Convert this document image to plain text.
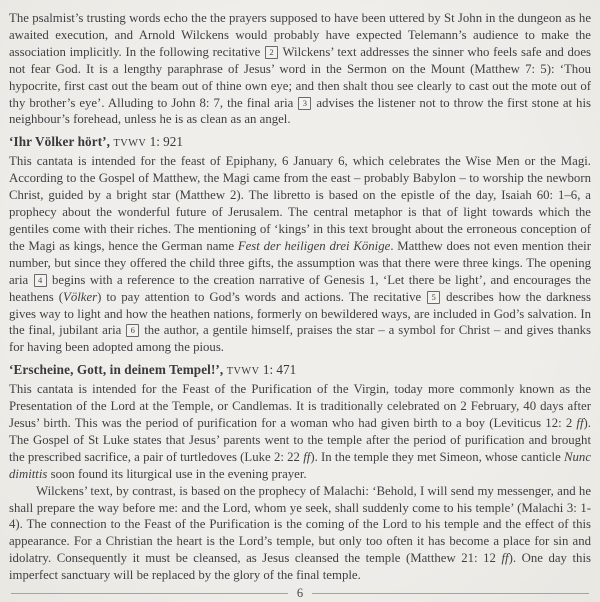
The psalmist’s trusting words echo the the prayers supposed to have been uttered by St John in the dungeon as he awaited execution, and Arnold Wilckens would probably have expected Telemann’s audience to make the association implicitly. In the following recitative 2 Wilckens’ text addresses the sinner who feels safe and does not fear God. It is a lengthy paraphrase of Jesus’ word in the Sermon on the Mount (Matthew 7: 5): ‘Thou hypocrite, first cast out the beam out of thine own eye; and then shalt thou see clearly to cast out the mote out of thy brother’s eye’. Alluding to John 8: 7, the final aria 3 advises the listener not to throw the first stone at his neighbour’s forehead, unless he is as clean as an angel.

‘Ihr Völker hört’, TVWV 1: 921

This cantata is intended for the feast of Epiphany, 6 January 6, which celebrates the Wise Men or the Magi. According to the Gospel of Matthew, the Magi came from the east – probably Babylon – to worship the newborn Christ, guided by a bright star (Matthew 2). The libretto is based on the epistle of the day, Isaiah 60: 1–6, a prophecy about the wonderful future of Jerusalem. The central metaphor is that of light towards which the gentiles come with their riches. The mentioning of ‘kings’ in this text brought about the erroneous conception of the Magi as kings, hence the German name Fest der heiligen drei Könige. Matthew does not even mention their number, but since they offered the child three gifts, the assumption was that there were three kings. The opening aria 4 begins with a reference to the creation narrative of Genesis 1, ‘Let there be light’, and encourages the heathens (Völker) to pay attention to God’s words and actions. The recitative 5 describes how the darkness gives way to light and how the heathen nations, formerly on bewildered ways, are included in God’s salvation. In the final, jubilant aria 6 the author, a gentile himself, praises the star – a symbol for Christ – and gives thanks for having been adopted among the pious.

‘Erscheine, Gott, in deinem Tempel!’, TVWV 1: 471

This cantata is intended for the Feast of the Purification of the Virgin, today more commonly known as the Presentation of the Lord at the Temple, or Candlemas. It is traditionally celebrated on 2 February, 40 days after Jesus’ birth. This was the period of purification for a woman who had given birth to a boy (Leviticus 12: 2 ff). The Gospel of St Luke states that Jesus’ parents went to the temple after the period of purification and brought the prescribed sacrifice, a pair of turtledoves (Luke 2: 22 ff). In the temple they met Simeon, whose canticle Nunc dimittis soon found its liturgical use in the evening prayer.

Wilckens’ text, by contrast, is based on the prophecy of Malachi: ‘Behold, I will send my messenger, and he shall prepare the way before me: and the Lord, whom ye seek, shall suddenly come to his temple’ (Malachi 3: 1-4). The connection to the Feast of the Purification is the coming of the Lord to his temple and the effect of this appearance. For a Christian the heart is the Lord’s temple, but only too often it has become a place for sin and idolatry. Consequently it must be cleansed, as Jesus cleansed the temple (Matthew 21: 12 ff). One day this imperfect sanctuary will be replaced by the glory of the final temple.

6
